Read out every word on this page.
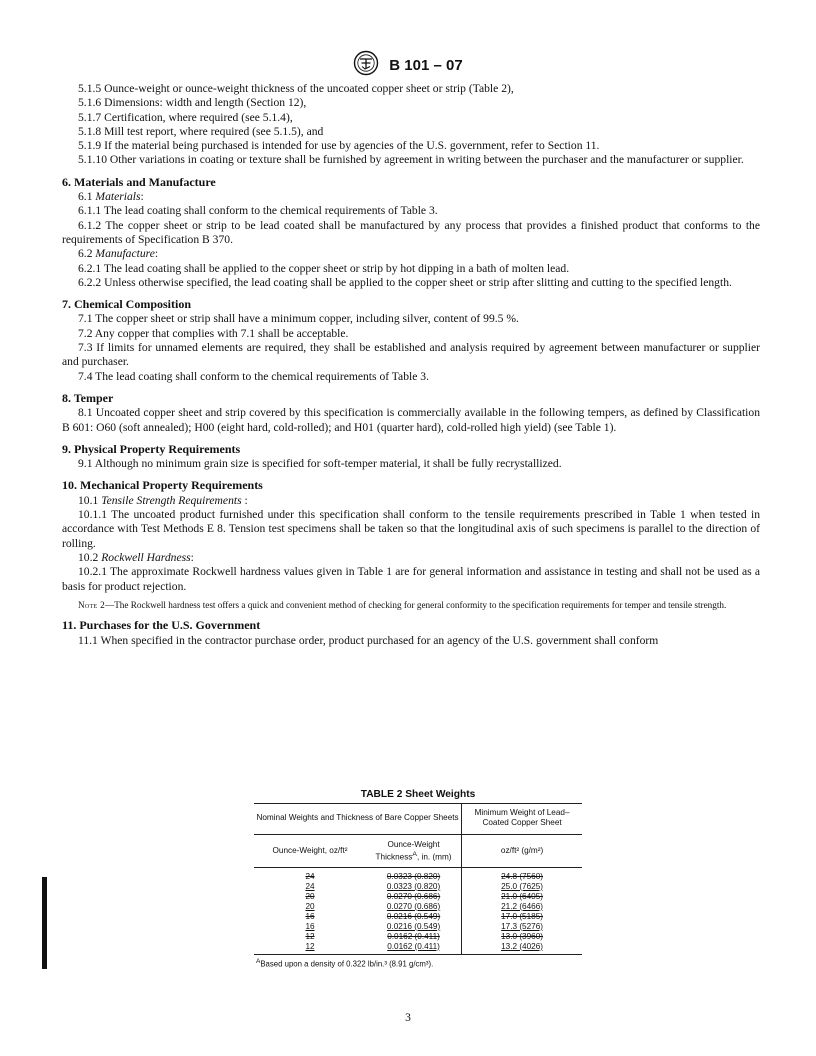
B 101 – 07

5.1.5 Ounce-weight or ounce-weight thickness of the uncoated copper sheet or strip (Table 2),

5.1.6 Dimensions: width and length (Section 12),

5.1.7 Certification, where required (see 5.1.4),

5.1.8 Mill test report, where required (see 5.1.5), and

5.1.9 If the material being purchased is intended for use by agencies of the U.S. government, refer to Section 11.

5.1.10 Other variations in coating or texture shall be furnished by agreement in writing between the purchaser and the manufacturer or supplier.

6. Materials and Manufacture

6.1 Materials:

6.1.1 The lead coating shall conform to the chemical requirements of Table 3.

6.1.2 The copper sheet or strip to be lead coated shall be manufactured by any process that provides a finished product that conforms to the requirements of Specification B 370.

6.2 Manufacture:

6.2.1 The lead coating shall be applied to the copper sheet or strip by hot dipping in a bath of molten lead.

6.2.2 Unless otherwise specified, the lead coating shall be applied to the copper sheet or strip after slitting and cutting to the specified length.

7. Chemical Composition

7.1 The copper sheet or strip shall have a minimum copper, including silver, content of 99.5 %.

7.2 Any copper that complies with 7.1 shall be acceptable.

7.3 If limits for unnamed elements are required, they shall be established and analysis required by agreement between manufacturer or supplier and purchaser.

7.4 The lead coating shall conform to the chemical requirements of Table 3.

8. Temper

8.1 Uncoated copper sheet and strip covered by this specification is commercially available in the following tempers, as defined by Classification B 601: O60 (soft annealed); H00 (eight hard, cold-rolled); and H01 (quarter hard), cold-rolled high yield) (see Table 1).

9. Physical Property Requirements

9.1 Although no minimum grain size is specified for soft-temper material, it shall be fully recrystallized.

10. Mechanical Property Requirements

10.1 Tensile Strength Requirements :

10.1.1 The uncoated product furnished under this specification shall conform to the tensile requirements prescribed in Table 1 when tested in accordance with Test Methods E 8. Tension test specimens shall be taken so that the longitudinal axis of such specimens is parallel to the direction of rolling.

10.2 Rockwell Hardness:

10.2.1 The approximate Rockwell hardness values given in Table 1 are for general information and assistance in testing and shall not be used as a basis for product rejection.

Note 2—The Rockwell hardness test offers a quick and convenient method of checking for general conformity to the specification requirements for temper and tensile strength.

11. Purchases for the U.S. Government

11.1 When specified in the contractor purchase order, product purchased for an agency of the U.S. government shall conform

TABLE 2 Sheet Weights
Nominal Weights and Thickness of Bare Copper Sheets		Minimum Weight of Lead–Coated Copper Sheet
Ounce-Weight, oz/ft²	Ounce-Weight Thickness$^A$, in. (mm)	oz/ft² (g/m²)
24	0.0323 (0.820)	24.8 (7560)
24	0.0323 (0.820)	25.0 (7625)
20	0.0270 (0.686)	21.0 (6405)
20	0.0270 (0.686)	21.2 (6466)
16	0.0216 (0.549)	17.0 (5185)
16	0.0216 (0.549)	17.3 (5276)
12	0.0162 (0.411)	13.0 (3960)
12	0.0162 (0.411)	13.2 (4026)
$^A$Based upon a density of 0.322 lb/in.³ (8.91 g/cm³).
3
